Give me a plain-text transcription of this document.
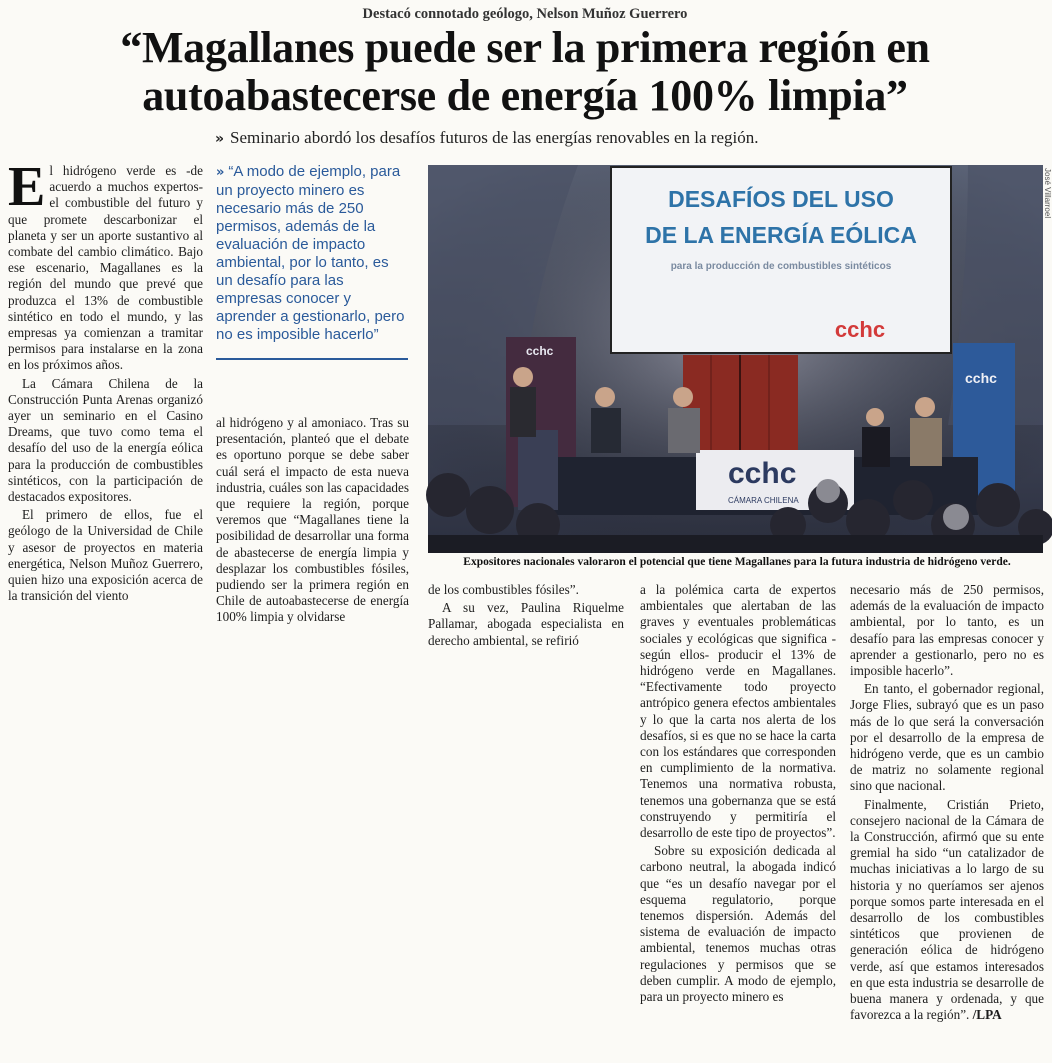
Destacó connotado geólogo, Nelson Muñoz Guerrero
“Magallanes puede ser la primera región en autoabastecerse de energía 100% limpia”
» Seminario abordó los desafíos futuros de las energías renovables en la región.

El hidrógeno verde es -de acuerdo a muchos expertos- el combustible del futuro y que promete descarbonizar el planeta y ser un aporte sustantivo al combate del cambio climático. Bajo ese escenario, Magallanes es la región del mundo que prevé que produzca el 13% de combustible sintético en todo el mundo, y las empresas ya comienzan a tramitar permisos para instalarse en la zona en los próximos años.

La Cámara Chilena de la Construcción Punta Arenas organizó ayer un seminario en el Casino Dreams, que tuvo como tema el desafío del uso de la energía eólica para la producción de combustibles sintéticos, con la participación de destacados expositores.

El primero de ellos, fue el geólogo de la Universidad de Chile y asesor de proyectos en materia energética, Nelson Muñoz Guerrero, quien hizo una exposición acerca de la transición del viento

» “A modo de ejemplo, para un proyecto minero es necesario más de 250 permisos, además de la evaluación de impacto ambiental, por lo tanto, es un desafío para las empresas conocer y aprender a gestionarlo, pero no es imposible hacerlo”

al hidrógeno y al amoniaco. Tras su presentación, planteó que el debate es oportuno porque se debe saber cuál será el impacto de esta nueva industria, cuáles son las capacidades que requiere la región, porque veremos que “Magallanes tiene la posibilidad de desarrollar una forma de abastecerse de energía limpia y desplazar los combustibles fósiles, pudiendo ser la primera región en Chile de autoabastecerse de energía 100% limpia y olvidarse

DESAFÍOS DEL USO
DE LA ENERGÍA EÓLICA
para la producción de combustibles sintéticos
cchc
cchc
cchc
cchc
CÁMARA CHILENA
José Villarroel
Expositores nacionales valoraron el potencial que tiene Magallanes para la futura industria de hidrógeno verde.

de los combustibles fósiles”.

A su vez, Paulina Riquelme Pallamar, abogada especialista en derecho ambiental, se refirió

a la polémica carta de expertos ambientales que alertaban de las graves y eventuales problemáticas sociales y ecológicas que significa -según ellos- producir el 13% de hidrógeno verde en Magallanes. “Efectivamente todo proyecto antrópico genera efectos ambientales y lo que la carta nos alerta de los desafíos, si es que no se hace la carta con los estándares que corresponden en cumplimiento de la normativa. Tenemos una normativa robusta, tenemos una gobernanza que se está construyendo y permitiría el desarrollo de este tipo de proyectos”.

Sobre su exposición dedicada al carbono neutral, la abogada indicó que “es un desafío navegar por el esquema regulatorio, porque tenemos dispersión. Además del sistema de evaluación de impacto ambiental, tenemos muchas otras regulaciones y permisos que se deben cumplir. A modo de ejemplo, para un proyecto minero es

necesario más de 250 permisos, además de la evaluación de impacto ambiental, por lo tanto, es un desafío para las empresas conocer y aprender a gestionarlo, pero no es imposible hacerlo”.

En tanto, el gobernador regional, Jorge Flies, subrayó que es un paso más de lo que será la conversación por el desarrollo de la empresa de hidrógeno verde, que es un cambio de matriz no solamente regional sino que nacional.

Finalmente, Cristián Prieto, consejero nacional de la Cámara de la Construcción, afirmó que su ente gremial ha sido “un catalizador de muchas iniciativas a lo largo de su historia y no queríamos ser ajenos porque somos parte interesada en el desarrollo de los combustibles sintéticos que provienen de generación eólica de hidrógeno verde, así que estamos interesados en que esta industria se desarrolle de buena manera y ordenada, y que favorezca a la región”. /LPA
